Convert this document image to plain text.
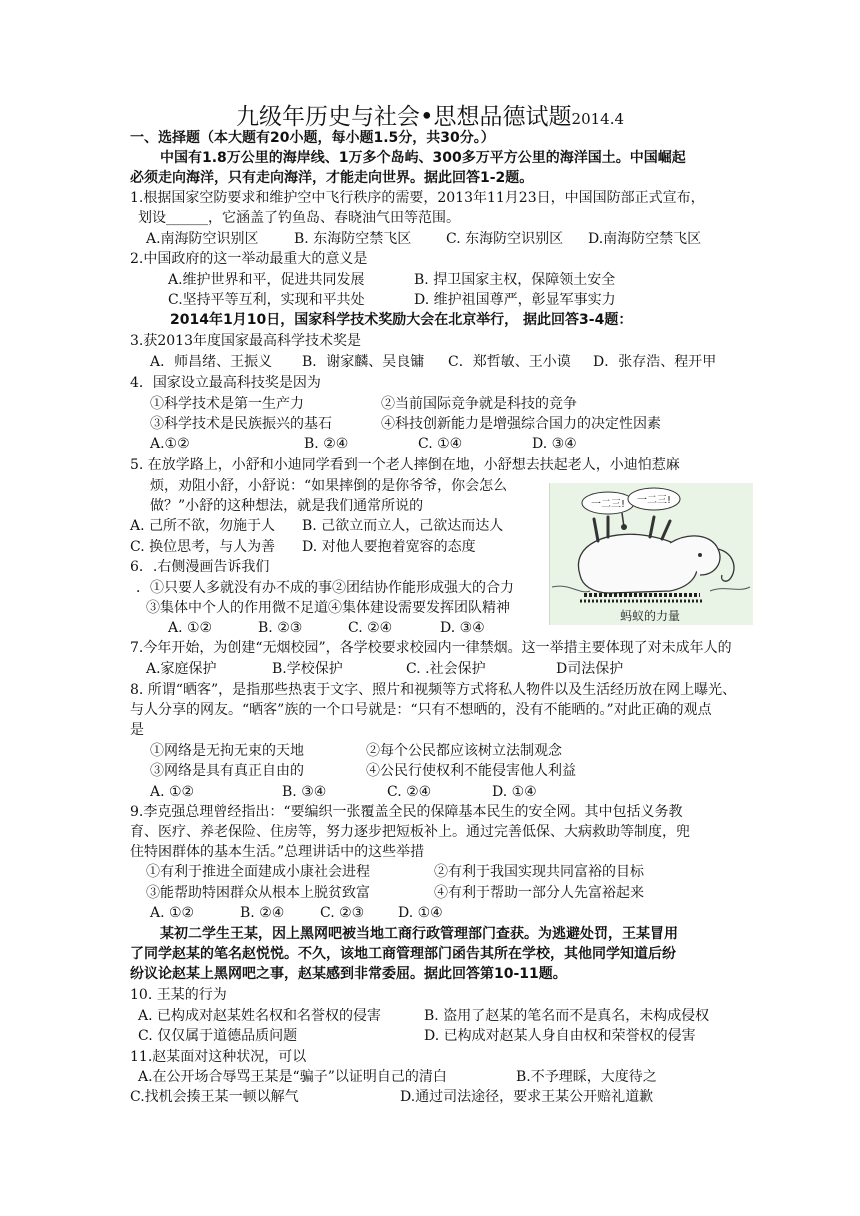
九级年历史与社会•思想品德试题2014.4
一、选择题（本大题有20小题，每小题1.5分，共30分。）
中国有1.8万公里的海岸线、1万多个岛屿、300多万平方公里的海洋国土。中国崛起
必须走向海洋，只有走向海洋，才能走向世界。据此回答1-2题。
1.根据国家空防要求和维护空中飞行秩序的需要，2013年11月23日，中国国防部正式宣布，
划设______，它涵盖了钓鱼岛、春晓油气田等范围。
A.南海防空识别区	B. 东海防空禁飞区 C. 东海防空识别区 D.南海防空禁飞区
2.中国政府的这一举动最重大的意义是
A.维护世界和平，促进共同发展	B. 捍卫国家主权，保障领土安全
C.坚持平等互利，实现和平共处	D. 维护祖国尊严，彰显军事实力
2014年1月10日，国家科学技术奖励大会在北京举行， 据此回答3-4题：
3.获2013年度国家最高科学技术奖是
A．师昌绪、王振义 B．谢家麟、吴良镛 C．郑哲敏、王小谟 D．张存浩、程开甲
4．国家设立最高科技奖是因为
①科学技术是第一生产力	②当前国际竞争就是科技的竞争
③科学技术是民族振兴的基石	④科技创新能力是增强综合国力的决定性因素
A.①②	B. ②④	C. ①④	D. ③④
5. 在放学路上，小舒和小迪同学看到一个老人摔倒在地，小舒想去扶起老人，小迪怕惹麻
烦，劝阻小舒，小舒说：“如果摔倒的是你爷爷，你会怎么
做？”小舒的这种想法，就是我们通常所说的
A. 己所不欲，勿施于人 B. 己欲立而立人，己欲达而达人
C. 换位思考，与人为善 D. 对他人要抱着宽容的态度
6．.右侧漫画告诉我们
．①只要人多就没有办不成的事②团结协作能形成强大的合力
③集体中个人的作用微不足道④集体建设需要发挥团队精神
A. ①②	B. ②③	C. ②④	D. ③④
7.今年开始，为创建“无烟校园”，各学校要求校园内一律禁烟。这一举措主要体现了对未成年人的
A.家庭保护	B.学校保护	C. .社会保护	D司法保护
8. 所谓“晒客”，是指那些热衷于文字、照片和视频等方式将私人物件以及生活经历放在网上曝光、
与人分享的网友。“晒客”族的一个口号就是：“只有不想晒的，没有不能晒的。”对此正确的观点
是
①网络是无拘无束的天地	②每个公民都应该树立法制观念
③网络是具有真正自由的	④公民行使权利不能侵害他人利益
A. ①②	B. ③④	C. ②④	D. ①④
9.李克强总理曾经指出：“要编织一张覆盖全民的保障基本民生的安全网。其中包括义务教
育、医疗、养老保险、住房等，努力逐步把短板补上。通过完善低保、大病救助等制度，兜
住特困群体的基本生活。”总理讲话中的这些举措
①有利于推进全面建成小康社会进程	②有利于我国实现共同富裕的目标
③能帮助特困群众从根本上脱贫致富	④有利于帮助一部分人先富裕起来
A. ①②	B. ②④	C. ②③ D. ①④
某初二学生王某，因上黑网吧被当地工商行政管理部门查获。为逃避处罚，王某冒用
了同学赵某的笔名赵悦悦。不久，该地工商管理部门函告其所在学校，其他同学知道后纷
纷议论赵某上黑网吧之事，赵某感到非常委屈。据此回答第10-11题。
10. 王某的行为
A. 已构成对赵某姓名权和名誉权的侵害	B. 盗用了赵某的笔名而不是真名，未构成侵权
C. 仅仅属于道德品质问题	D. 已构成对赵某人身自由权和荣誉权的侵害
11.赵某面对这种状况，可以
A.在公开场合辱骂王某是“骗子”以证明自己的清白	B.不予理睬，大度待之
C.找机会揍王某一顿以解气	D.通过司法途径，要求王某公开赔礼道歉
一二三! 一二三!
蚂蚁的力量
